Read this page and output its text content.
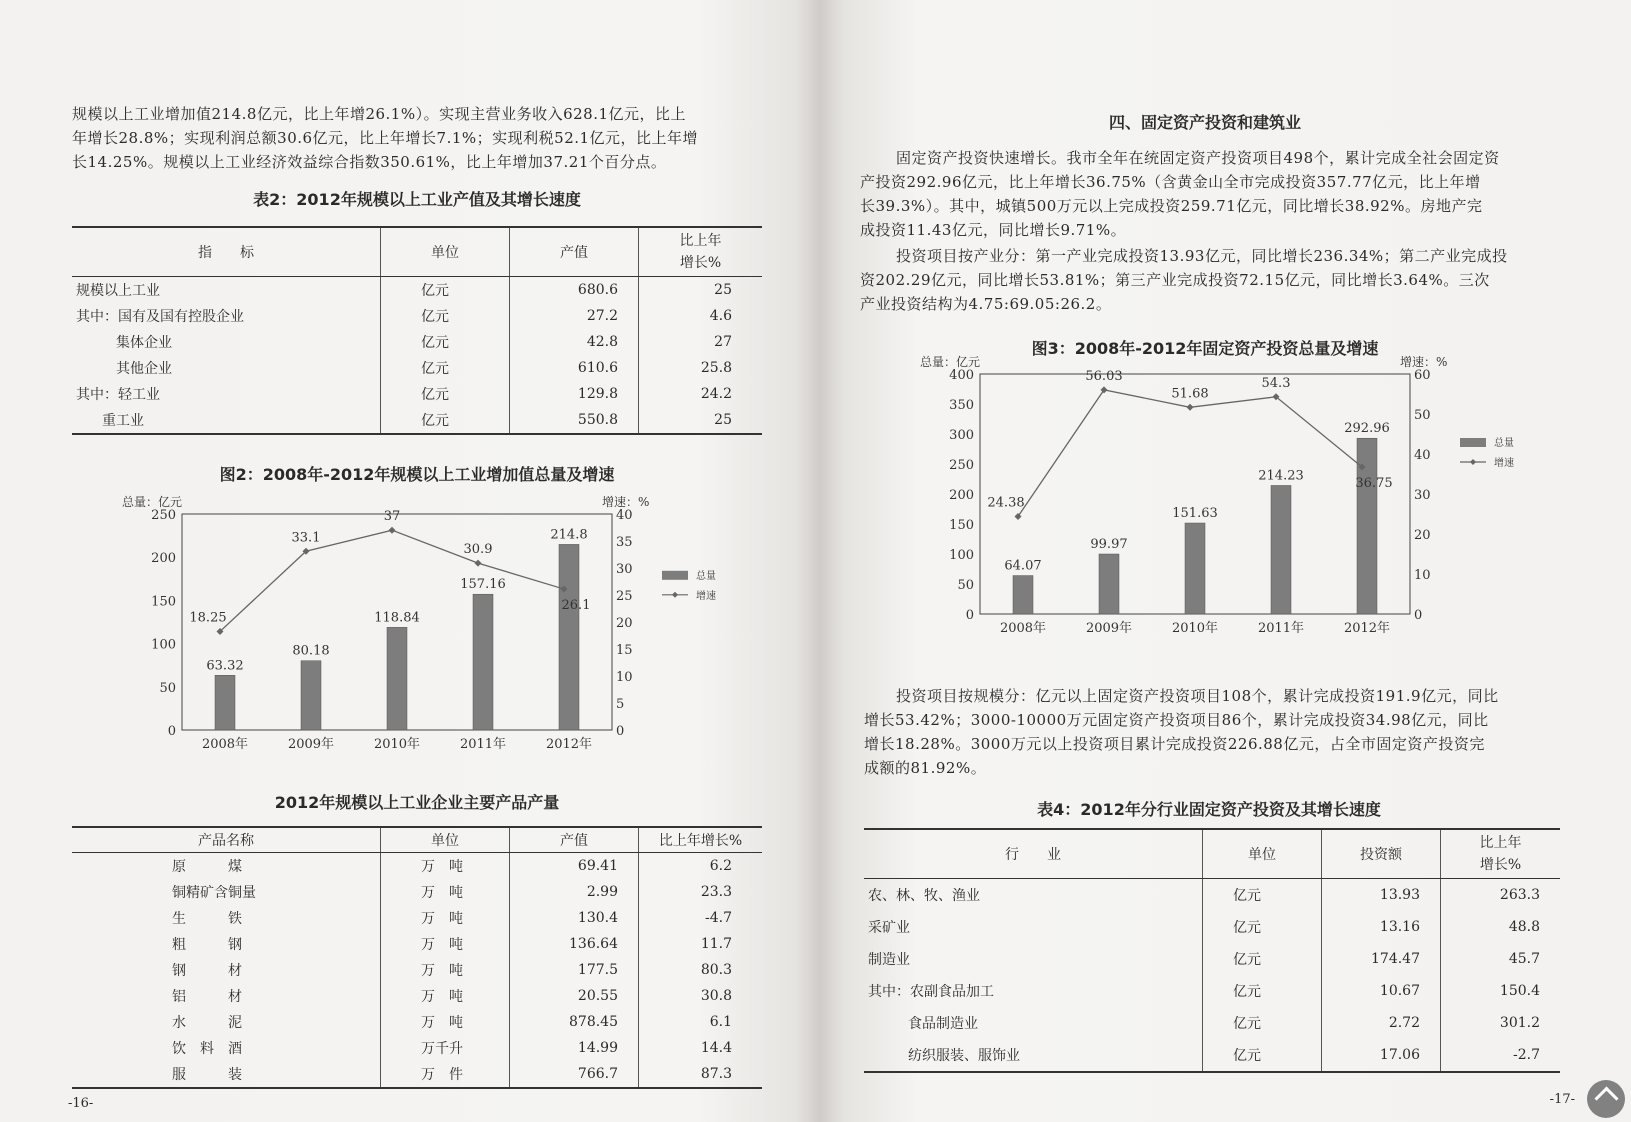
规模以上工业增加值214.8亿元，比上年增26.1%）。实现主营业务收入628.1亿元，比上

年增长28.8%；实现利润总额30.6亿元，比上年增长7.1%；实现利税52.1亿元，比上年增

长14.25%。规模以上工业经济效益综合指数350.61%，比上年增加37.21个百分点。

表2：2012年规模以上工业产值及其增长速度
指　　标	单位	产值	比上年
增长%
规模以上工业	亿元	680.6	25
其中：国有及国有控股企业	亿元	27.2	4.6
集体企业	亿元	42.8	27
其他企业	亿元	610.6	25.8
其中：轻工业	亿元	129.8	24.2
重工业	亿元	550.8	25
图2：2008年-2012年规模以上工业增加值总量及增速
总量：亿元	增速：%
0
50
100
150
200
250
0
5
10
15
20
25
30
35
40
63.32
80.18
118.84
157.16
214.8
2008年	2009年	2010年	2011年	2012年
18.25
33.1
37
30.9
26.1
总量
增速
2012年规模以上工业企业主要产品产量
产品名称	单位	产值	比上年增长%
原　　　煤	万　吨	69.41	6.2
铜精矿含铜量	万　吨	2.99	23.3
生　　　铁	万　吨	130.4	-4.7
粗　　　钢	万　吨	136.64	11.7
钢　　　材	万　吨	177.5	80.3
铝　　　材	万　吨	20.55	30.8
水　　　泥	万　吨	878.45	6.1
饮　料　酒	万千升	14.99	14.4
服　　　装	万　件	766.7	87.3
-16-
四、固定资产投资和建筑业

固定资产投资快速增长。我市全年在统固定资产投资项目498个，累计完成全社会固定资

产投资292.96亿元，比上年增长36.75%（含黄金山全市完成投资357.77亿元，比上年增

长39.3%）。其中，城镇500万元以上完成投资259.71亿元，同比增长38.92%。房地产完

成投资11.43亿元，同比增长9.71%。

投资项目按产业分：第一产业完成投资13.93亿元，同比增长236.34%；第二产业完成投

资202.29亿元，同比增长53.81%；第三产业完成投资72.15亿元，同比增长3.64%。三次

产业投资结构为4.75:69.05:26.2。

图3：2008年-2012年固定资产投资总量及增速
总量：亿元	增速：%
0
50
100
150
200
250
300
350
400
0
10
20
30
40
50
60
64.07
99.97
151.63
214.23
292.96
2008年	2009年	2010年	2011年	2012年
24.38
56.03
51.68
54.3
36.75
总量
增速

投资项目按规模分：亿元以上固定资产投资项目108个，累计完成投资191.9亿元，同比

增长53.42%；3000-10000万元固定资产投资项目86个，累计完成投资34.98亿元，同比

增长18.28%。3000万元以上投资项目累计完成投资226.88亿元，占全市固定资产投资完

成额的81.92%。

表4：2012年分行业固定资产投资及其增长速度
行　　业	单位	投资额	比上年
增长%
农、林、牧、渔业	亿元	13.93	263.3
采矿业	亿元	13.16	48.8
制造业	亿元	174.47	45.7
其中：农副食品加工	亿元	10.67	150.4
食品制造业	亿元	2.72	301.2
纺织服装、服饰业	亿元	17.06	-2.7
-17-
